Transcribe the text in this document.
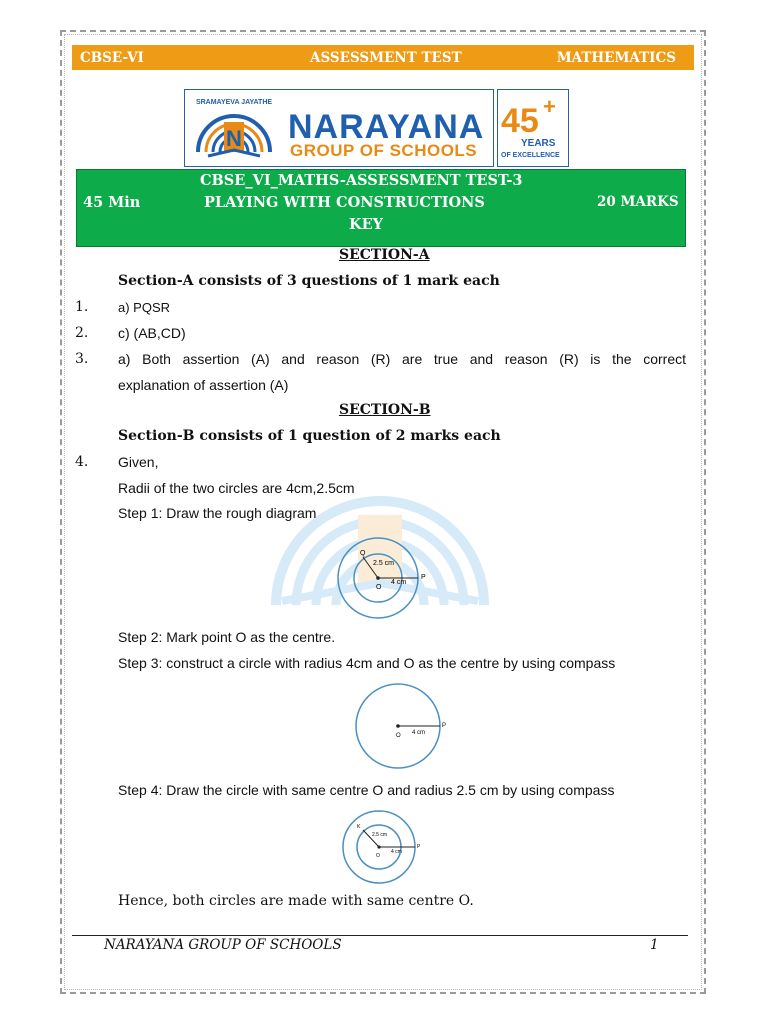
CBSE-VI	ASSESSMENT TEST	MATHEMATICS
N
SRAMAYEVA JAYATHE
NARAYANA
GROUP OF SCHOOLS
45 +
YEARS
OF EXCELLENCE
45 Min
CBSE_VI_MATHS-ASSESSMENT TEST-3
PLAYING WITH CONSTRUCTIONS
KEY
20 MARKS
SECTION-A
Section-A consists of 3 questions of 1 mark each
1. a) PQSR
2. c) (AB,CD)
3. a) Both assertion (A) and reason (R) are true and reason (R) is the correct
explanation of assertion (A)
SECTION-B
Section-B consists of 1 question of 2 marks each
4. Given,
Radii of the two circles are 4cm,2.5cm
Step 1: Draw the rough diagram
Q
O
P
2.5 cm
4 cm
Step 2: Mark point O as the centre.
Step 3: construct a circle with radius 4cm and O as the centre by using compass
O
P
4 cm
Step 4: Draw the circle with same centre O and radius 2.5 cm by using compass
K
O
P
2.5 cm
4 cm
Hence, both circles are made with same centre O.
NARAYANA GROUP OF SCHOOLS	1
